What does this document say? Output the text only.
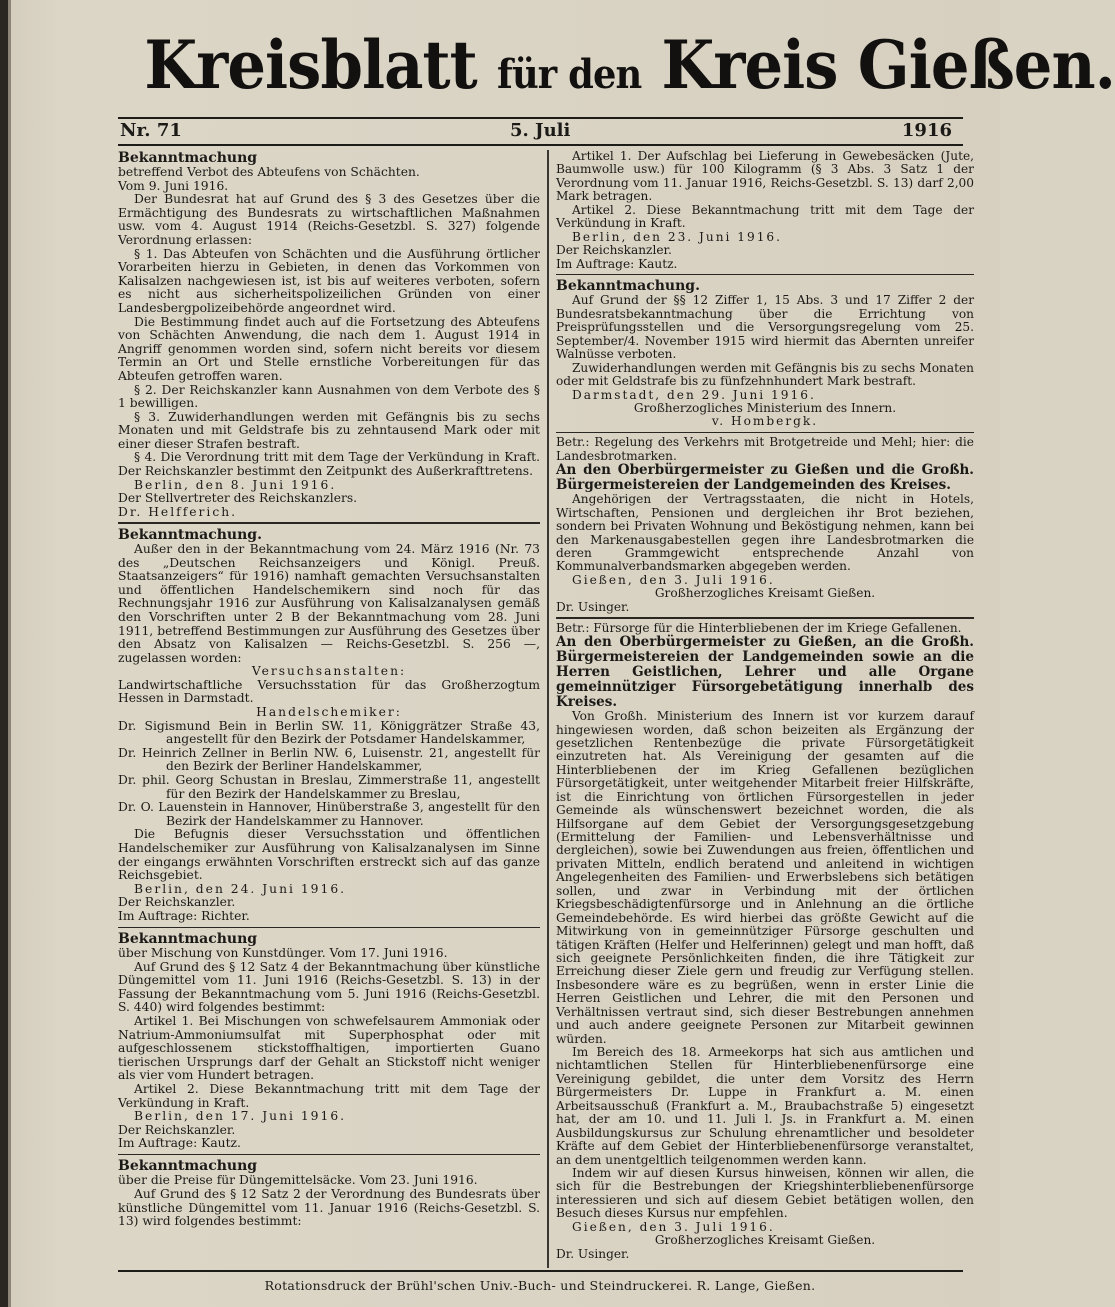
Kreisblatt für den Kreis Gießen.
Nr. 71	5. Juli	1916

Bekanntmachung

betreffend Verbot des Abteufens von Schächten.

Vom 9. Juni 1916.

Der Bundesrat hat auf Grund des § 3 des Gesetzes über die Ermächtigung des Bundesrats zu wirtschaftlichen Maßnahmen usw. vom 4. August 1914 (Reichs-Gesetzbl. S. 327) folgende Verordnung erlassen:

§ 1. Das Abteufen von Schächten und die Ausführung örtlicher Vorarbeiten hierzu in Gebieten, in denen das Vorkommen von Kalisalzen nachgewiesen ist, ist bis auf weiteres verboten, sofern es nicht aus sicherheitspolizeilichen Gründen von einer Landesbergpolizeibehörde angeordnet wird.

Die Bestimmung findet auch auf die Fortsetzung des Abteufens von Schächten Anwendung, die nach dem 1. August 1914 in Angriff genommen worden sind, sofern nicht bereits vor diesem Termin an Ort und Stelle ernstliche Vorbereitungen für das Abteufen getroffen waren.

§ 2. Der Reichskanzler kann Ausnahmen von dem Verbote des § 1 bewilligen.

§ 3. Zuwiderhandlungen werden mit Gefängnis bis zu sechs Monaten und mit Geldstrafe bis zu zehntausend Mark oder mit einer dieser Strafen bestraft.

§ 4. Die Verordnung tritt mit dem Tage der Verkündung in Kraft. Der Reichskanzler bestimmt den Zeitpunkt des Außerkrafttretens.

Berlin, den 8. Juni 1916.

Der Stellvertreter des Reichskanzlers.

Dr. Helfferich.

Bekanntmachung.

Außer den in der Bekanntmachung vom 24. März 1916 (Nr. 73 des „Deutschen Reichsanzeigers und Königl. Preuß. Staatsanzeigers“ für 1916) namhaft gemachten Versuchsanstalten und öffentlichen Handelschemikern sind noch für das Rechnungsjahr 1916 zur Ausführung von Kalisalzanalysen gemäß den Vorschriften unter 2 B der Bekanntmachung vom 28. Juni 1911, betreffend Bestimmungen zur Ausführung des Gesetzes über den Absatz von Kalisalzen — Reichs-Gesetzbl. S. 256 —, zugelassen worden:

Versuchsanstalten:

Landwirtschaftliche Versuchsstation für das Großherzogtum Hessen in Darmstadt.

Handelschemiker:

Dr. Sigismund Bein in Berlin SW. 11, Königgrätzer Straße 43, angestellt für den Bezirk der Potsdamer Handelskammer,

Dr. Heinrich Zellner in Berlin NW. 6, Luisenstr. 21, angestellt für den Bezirk der Berliner Handelskammer,

Dr. phil. Georg Schustan in Breslau, Zimmerstraße 11, angestellt für den Bezirk der Handelskammer zu Breslau,

Dr. O. Lauenstein in Hannover, Hinüberstraße 3, angestellt für den Bezirk der Handelskammer zu Hannover.

Die Befugnis dieser Versuchsstation und öffentlichen Handelschemiker zur Ausführung von Kalisalzanalysen im Sinne der eingangs erwähnten Vorschriften erstreckt sich auf das ganze Reichsgebiet.

Berlin, den 24. Juni 1916.

Der Reichskanzler.

Im Auftrage: Richter.

Bekanntmachung

über Mischung von Kunstdünger. Vom 17. Juni 1916.

Auf Grund des § 12 Satz 4 der Bekanntmachung über künstliche Düngemittel vom 11. Juni 1916 (Reichs-Gesetzbl. S. 13) in der Fassung der Bekanntmachung vom 5. Juni 1916 (Reichs-Gesetzbl. S. 440) wird folgendes bestimmt:

Artikel 1. Bei Mischungen von schwefelsaurem Ammoniak oder Natrium-Ammoniumsulfat mit Superphosphat oder mit aufgeschlossenem stickstoffhaltigen, importierten Guano tierischen Ursprungs darf der Gehalt an Stickstoff nicht weniger als vier vom Hundert betragen.

Artikel 2. Diese Bekanntmachung tritt mit dem Tage der Verkündung in Kraft.

Berlin, den 17. Juni 1916.

Der Reichskanzler.

Im Auftrage: Kautz.

Bekanntmachung

über die Preise für Düngemittelsäcke. Vom 23. Juni 1916.

Auf Grund des § 12 Satz 2 der Verordnung des Bundesrats über künstliche Düngemittel vom 11. Januar 1916 (Reichs-Gesetzbl. S. 13) wird folgendes bestimmt:

Artikel 1. Der Aufschlag bei Lieferung in Gewebesäcken (Jute, Baumwolle usw.) für 100 Kilogramm (§ 3 Abs. 3 Satz 1 der Verordnung vom 11. Januar 1916, Reichs-Gesetzbl. S. 13) darf 2,00 Mark betragen.

Artikel 2. Diese Bekanntmachung tritt mit dem Tage der Verkündung in Kraft.

Berlin, den 23. Juni 1916.

Der Reichskanzler.

Im Auftrage: Kautz.

Bekanntmachung.

Auf Grund der §§ 12 Ziffer 1, 15 Abs. 3 und 17 Ziffer 2 der Bundesratsbekanntmachung über die Errichtung von Preisprüfungsstellen und die Versorgungsregelung vom 25. September/4. November 1915 wird hiermit das Abernten unreifer Walnüsse verboten.

Zuwiderhandlungen werden mit Gefängnis bis zu sechs Monaten oder mit Geldstrafe bis zu fünfzehnhundert Mark bestraft.

Darmstadt, den 29. Juni 1916.

Großherzogliches Ministerium des Innern.

v. Hombergk.

Betr.: Regelung des Verkehrs mit Brotgetreide und Mehl; hier: die Landesbrotmarken.

An den Oberbürgermeister zu Gießen und die Großh. Bürgermeistereien der Landgemeinden des Kreises.

Angehörigen der Vertragsstaaten, die nicht in Hotels, Wirtschaften, Pensionen und dergleichen ihr Brot beziehen, sondern bei Privaten Wohnung und Beköstigung nehmen, kann bei den Markenausgabestellen gegen ihre Landesbrotmarken die deren Grammgewicht entsprechende Anzahl von Kommunalverbandsmarken abgegeben werden.

Gießen, den 3. Juli 1916.

Großherzogliches Kreisamt Gießen.

Dr. Usinger.

Betr.: Fürsorge für die Hinterbliebenen der im Kriege Gefallenen.

An den Oberbürgermeister zu Gießen, an die Großh. Bürgermeistereien der Landgemeinden sowie an die Herren Geistlichen, Lehrer und alle Organe gemeinnütziger Fürsorgebetätigung innerhalb des Kreises.

Von Großh. Ministerium des Innern ist vor kurzem darauf hingewiesen worden, daß schon beizeiten als Ergänzung der gesetzlichen Rentenbezüge die private Fürsorgetätigkeit einzutreten hat. Als Vereinigung der gesamten auf die Hinterbliebenen der im Krieg Gefallenen bezüglichen Fürsorgetätigkeit, unter weitgehender Mitarbeit freier Hilfskräfte, ist die Einrichtung von örtlichen Fürsorgestellen in jeder Gemeinde als wünschenswert bezeichnet worden, die als Hilfsorgane auf dem Gebiet der Versorgungsgesetzgebung (Ermittelung der Familien- und Lebensverhältnisse und dergleichen), sowie bei Zuwendungen aus freien, öffentlichen und privaten Mitteln, endlich beratend und anleitend in wichtigen Angelegenheiten des Familien- und Erwerbslebens sich betätigen sollen, und zwar in Verbindung mit der örtlichen Kriegsbeschädigtenfürsorge und in Anlehnung an die örtliche Gemeindebehörde. Es wird hierbei das größte Gewicht auf die Mitwirkung von in gemeinnütziger Fürsorge geschulten und tätigen Kräften (Helfer und Helferinnen) gelegt und man hofft, daß sich geeignete Persönlichkeiten finden, die ihre Tätigkeit zur Erreichung dieser Ziele gern und freudig zur Verfügung stellen. Insbesondere wäre es zu begrüßen, wenn in erster Linie die Herren Geistlichen und Lehrer, die mit den Personen und Verhältnissen vertraut sind, sich dieser Bestrebungen annehmen und auch andere geeignete Personen zur Mitarbeit gewinnen würden.

Im Bereich des 18. Armeekorps hat sich aus amtlichen und nichtamtlichen Stellen für Hinterbliebenenfürsorge eine Vereinigung gebildet, die unter dem Vorsitz des Herrn Bürgermeisters Dr. Luppe in Frankfurt a. M. einen Arbeitsausschuß (Frankfurt a. M., Braubachstraße 5) eingesetzt hat, der am 10. und 11. Juli l. Js. in Frankfurt a. M. einen Ausbildungskursus zur Schulung ehrenamtlicher und besoldeter Kräfte auf dem Gebiet der Hinterbliebenenfürsorge veranstaltet, an dem unentgeltlich teilgenommen werden kann.

Indem wir auf diesen Kursus hinweisen, können wir allen, die sich für die Bestrebungen der Kriegshinterbliebenenfürsorge interessieren und sich auf diesem Gebiet betätigen wollen, den Besuch dieses Kursus nur empfehlen.

Gießen, den 3. Juli 1916.

Großherzogliches Kreisamt Gießen.

Dr. Usinger.

Rotationsdruck der Brühl'schen Univ.-Buch- und Steindruckerei. R. Lange, Gießen.
